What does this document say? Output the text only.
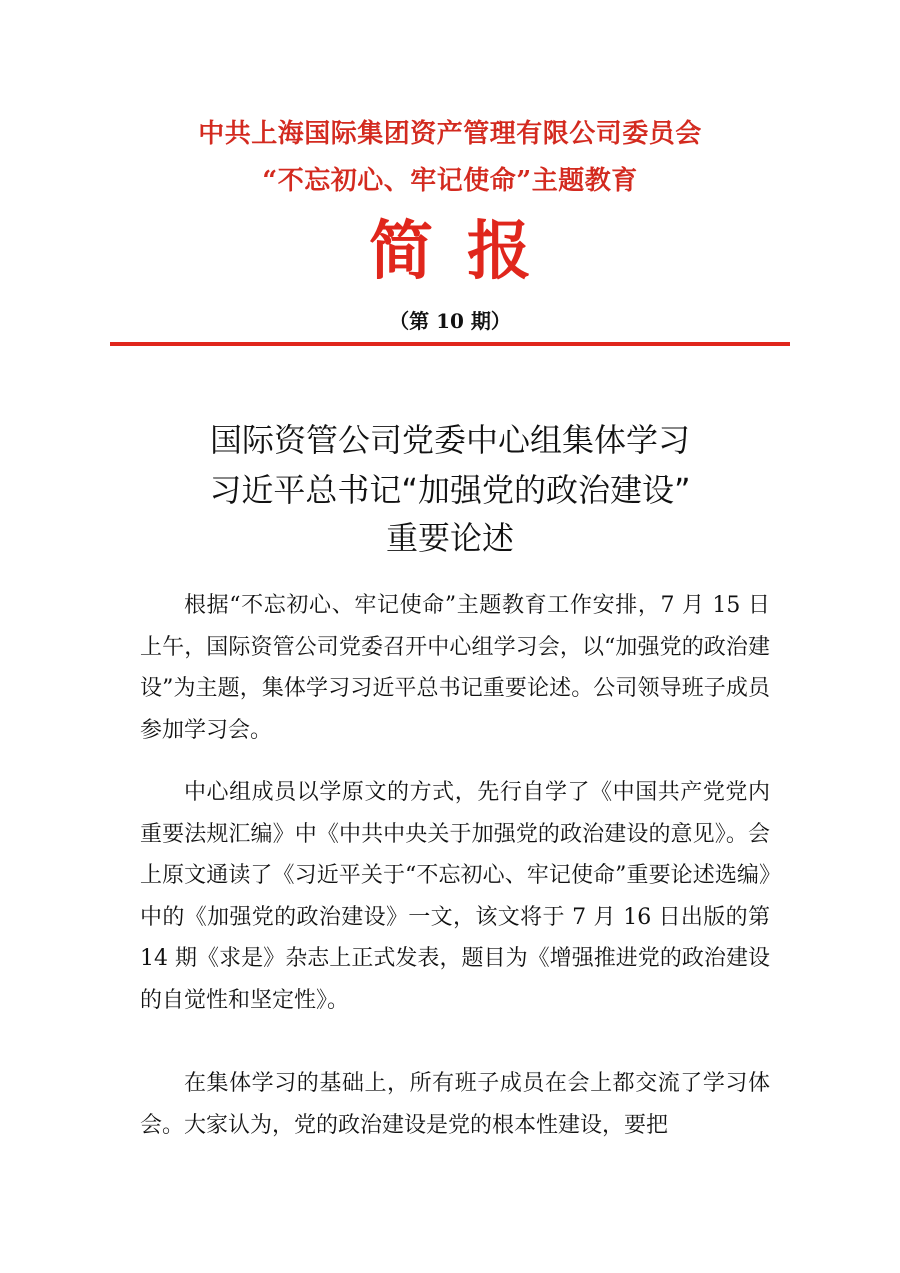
中共上海国际集团资产管理有限公司委员会
“不忘初心、牢记使命”主题教育
简报
（第 10 期）
国际资管公司党委中心组集体学习
习近平总书记“加强党的政治建设”
重要论述

根据“不忘初心、牢记使命”主题教育工作安排，7 月 15 日上午，国际资管公司党委召开中心组学习会，以“加强党的政治建设”为主题，集体学习习近平总书记重要论述。公司领导班子成员参加学习会。

中心组成员以学原文的方式，先行自学了《中国共产党党内重要法规汇编》中《中共中央关于加强党的政治建设的意见》。会上原文通读了《习近平关于“不忘初心、牢记使命”重要论述选编》中的《加强党的政治建设》一文，该文将于 7 月 16 日出版的第 14 期《求是》杂志上正式发表，题目为《增强推进党的政治建设的自觉性和坚定性》。

在集体学习的基础上，所有班子成员在会上都交流了学习体会。大家认为，党的政治建设是党的根本性建设，要把
